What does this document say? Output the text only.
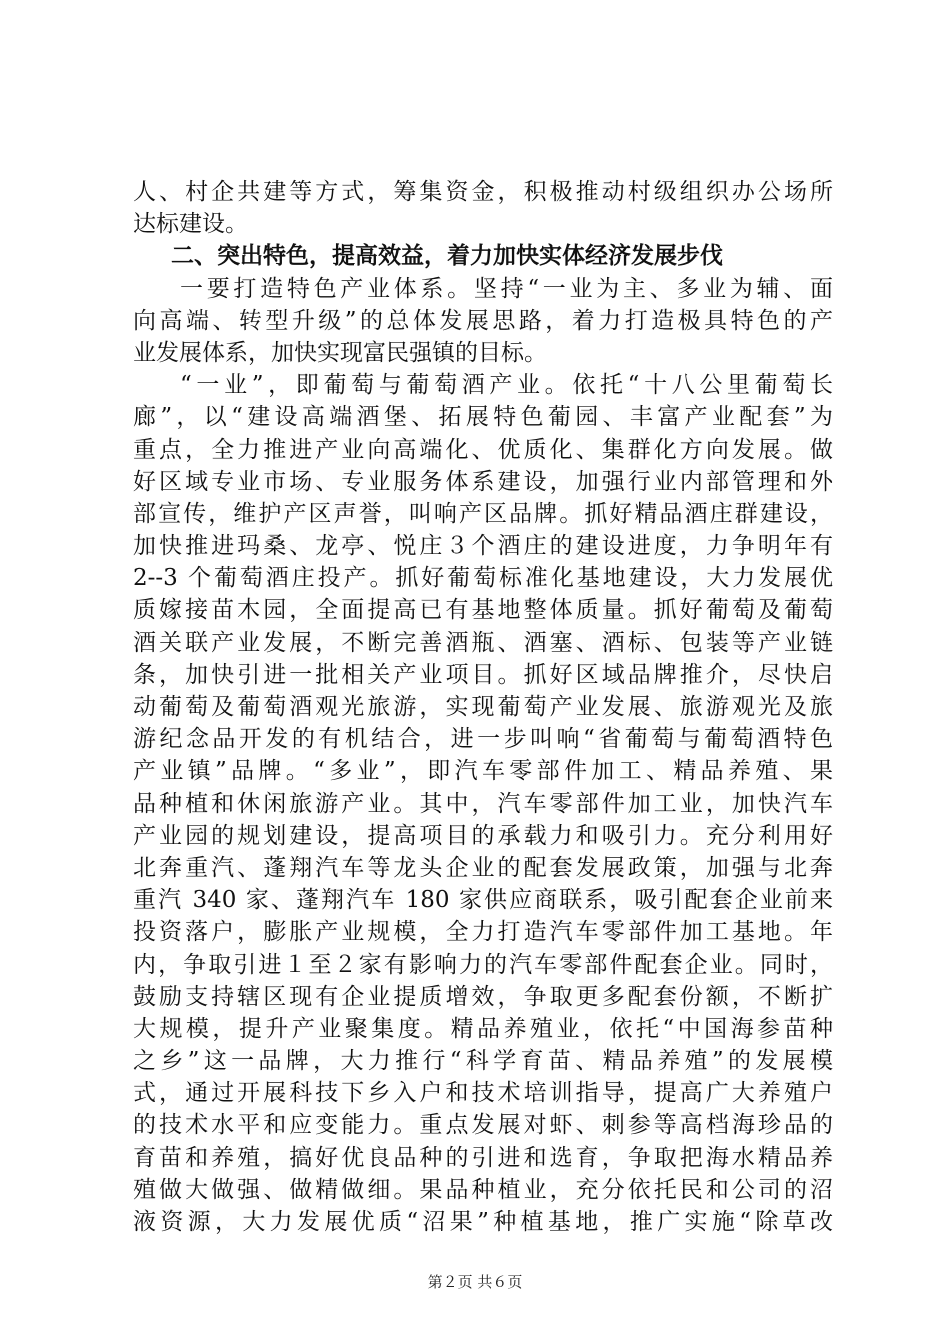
人、村企共建等方式，筹集资金，积极推动村级组织办公场所
达标建设。
二、突出特色，提高效益，着力加快实体经济发展步伐
一要打造特色产业体系。坚持“一业为主、多业为辅、面
向高端、转型升级”的总体发展思路，着力打造极具特色的产
业发展体系，加快实现富民强镇的目标。
“一业”，即葡萄与葡萄酒产业。依托“十八公里葡萄长
廊”，以“建设高端酒堡、拓展特色葡园、丰富产业配套”为
重点，全力推进产业向高端化、优质化、集群化方向发展。做
好区域专业市场、专业服务体系建设，加强行业内部管理和外
部宣传，维护产区声誉，叫响产区品牌。抓好精品酒庄群建设，
加快推进玛桑、龙亭、悦庄３个酒庄的建设进度，力争明年有
2--3 个葡萄酒庄投产。抓好葡萄标准化基地建设，大力发展优
质嫁接苗木园，全面提高已有基地整体质量。抓好葡萄及葡萄
酒关联产业发展，不断完善酒瓶、酒塞、酒标、包装等产业链
条，加快引进一批相关产业项目。抓好区域品牌推介，尽快启
动葡萄及葡萄酒观光旅游，实现葡萄产业发展、旅游观光及旅
游纪念品开发的有机结合，进一步叫响“省葡萄与葡萄酒特色
产业镇”品牌。“多业”，即汽车零部件加工、精品养殖、果
品种植和休闲旅游产业。其中，汽车零部件加工业，加快汽车
产业园的规划建设，提高项目的承载力和吸引力。充分利用好
北奔重汽、蓬翔汽车等龙头企业的配套发展政策，加强与北奔
重汽 340 家、蓬翔汽车 180 家供应商联系，吸引配套企业前来
投资落户，膨胀产业规模，全力打造汽车零部件加工基地。年
内，争取引进１至２家有影响力的汽车零部件配套企业。同时，
鼓励支持辖区现有企业提质增效，争取更多配套份额，不断扩
大规模，提升产业聚集度。精品养殖业，依托“中国海参苗种
之乡”这一品牌，大力推行“科学育苗、精品养殖”的发展模
式，通过开展科技下乡入户和技术培训指导，提高广大养殖户
的技术水平和应变能力。重点发展对虾、刺参等高档海珍品的
育苗和养殖，搞好优良品种的引进和选育，争取把海水精品养
殖做大做强、做精做细。果品种植业，充分依托民和公司的沼
液资源，大力发展优质“沼果”种植基地，推广实施“除草改
第２页 共６页
